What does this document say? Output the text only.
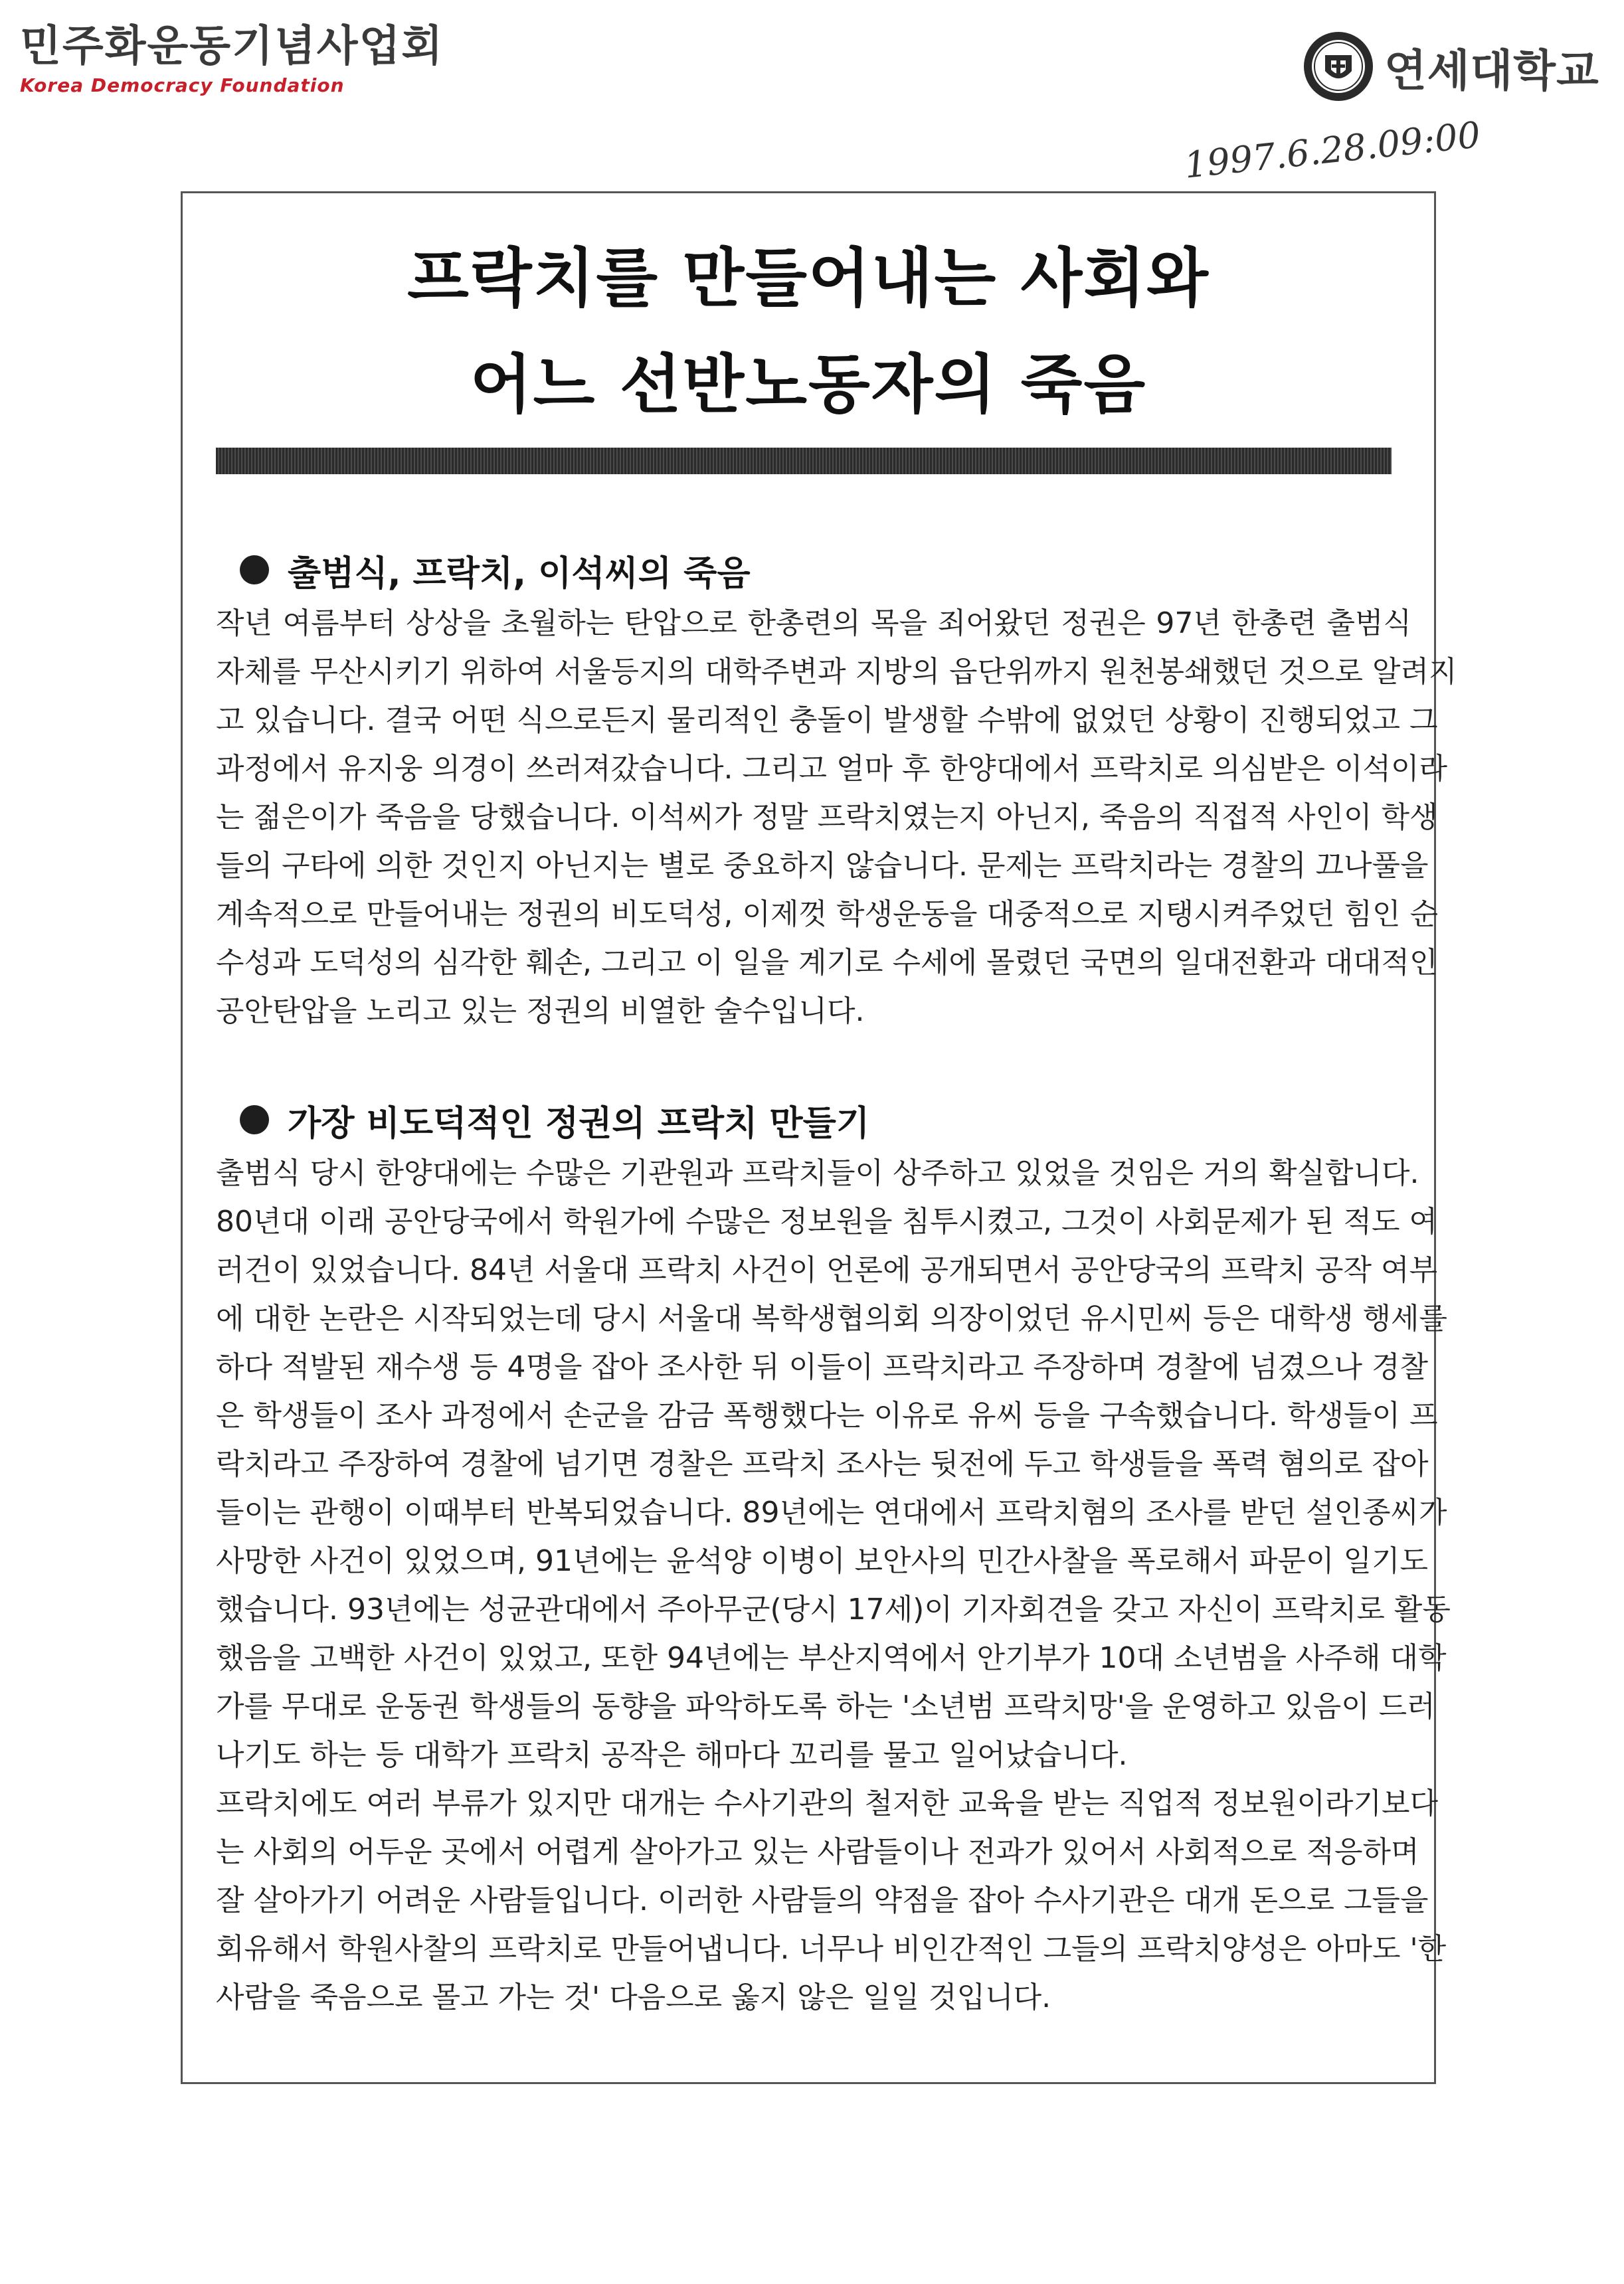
민주화운동기념사업회
Korea Democracy Foundation	연세대학교
1997.6.28.09:00
프락치를 만들어내는 사회와
어느 선반노동자의 죽음
출범식, 프락치, 이석씨의 죽음
작년 여름부터 상상을 초월하는 탄압으로 한총련의 목을 죄어왔던 정권은 97년 한총련 출범식
자체를 무산시키기 위하여 서울등지의 대학주변과 지방의 읍단위까지 원천봉쇄했던 것으로 알려지
고 있습니다. 결국 어떤 식으로든지 물리적인 충돌이 발생할 수밖에 없었던 상황이 진행되었고 그
과정에서 유지웅 의경이 쓰러져갔습니다. 그리고 얼마 후 한양대에서 프락치로 의심받은 이석이라
는 젊은이가 죽음을 당했습니다. 이석씨가 정말 프락치였는지 아닌지, 죽음의 직접적 사인이 학생
들의 구타에 의한 것인지 아닌지는 별로 중요하지 않습니다. 문제는 프락치라는 경찰의 끄나풀을
계속적으로 만들어내는 정권의 비도덕성, 이제껏 학생운동을 대중적으로 지탱시켜주었던 힘인 순
수성과 도덕성의 심각한 훼손, 그리고 이 일을 계기로 수세에 몰렸던 국면의 일대전환과 대대적인
공안탄압을 노리고 있는 정권의 비열한 술수입니다.
가장 비도덕적인 정권의 프락치 만들기
출범식 당시 한양대에는 수많은 기관원과 프락치들이 상주하고 있었을 것임은 거의 확실합니다.
80년대 이래 공안당국에서 학원가에 수많은 정보원을 침투시켰고, 그것이 사회문제가 된 적도 여
러건이 있었습니다. 84년 서울대 프락치 사건이 언론에 공개되면서 공안당국의 프락치 공작 여부
에 대한 논란은 시작되었는데 당시 서울대 복학생협의회 의장이었던 유시민씨 등은 대학생 행세를
하다 적발된 재수생 등 4명을 잡아 조사한 뒤 이들이 프락치라고 주장하며 경찰에 넘겼으나 경찰
은 학생들이 조사 과정에서 손군을 감금 폭행했다는 이유로 유씨 등을 구속했습니다. 학생들이 프
락치라고 주장하여 경찰에 넘기면 경찰은 프락치 조사는 뒷전에 두고 학생들을 폭력 혐의로 잡아
들이는 관행이 이때부터 반복되었습니다. 89년에는 연대에서 프락치혐의 조사를 받던 설인종씨가
사망한 사건이 있었으며, 91년에는 윤석양 이병이 보안사의 민간사찰을 폭로해서 파문이 일기도
했습니다. 93년에는 성균관대에서 주아무군(당시 17세)이 기자회견을 갖고 자신이 프락치로 활동
했음을 고백한 사건이 있었고, 또한 94년에는 부산지역에서 안기부가 10대 소년범을 사주해 대학
가를 무대로 운동권 학생들의 동향을 파악하도록 하는 '소년범 프락치망'을 운영하고 있음이 드러
나기도 하는 등 대학가 프락치 공작은 해마다 꼬리를 물고 일어났습니다.
프락치에도 여러 부류가 있지만 대개는 수사기관의 철저한 교육을 받는 직업적 정보원이라기보다
는 사회의 어두운 곳에서 어렵게 살아가고 있는 사람들이나 전과가 있어서 사회적으로 적응하며
잘 살아가기 어려운 사람들입니다. 이러한 사람들의 약점을 잡아 수사기관은 대개 돈으로 그들을
회유해서 학원사찰의 프락치로 만들어냅니다. 너무나 비인간적인 그들의 프락치양성은 아마도 '한
사람을 죽음으로 몰고 가는 것' 다음으로 옳지 않은 일일 것입니다.
